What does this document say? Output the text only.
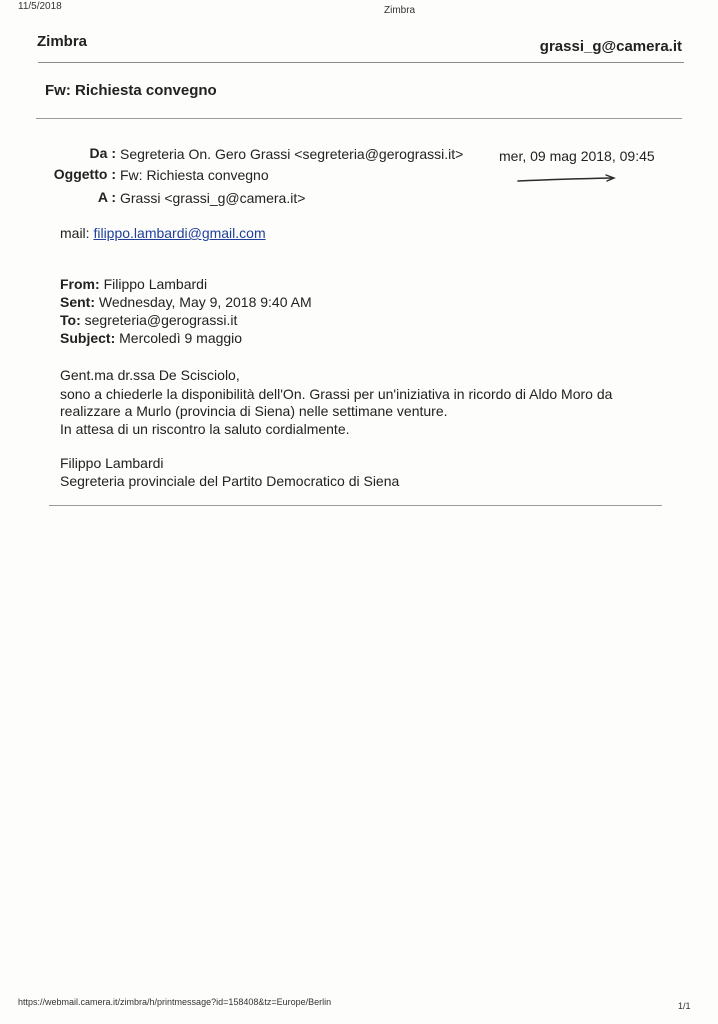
11/5/2018	Zimbra
Zimbra	grassi_g@camera.it
Fw: Richiesta convegno
Da : Segreteria On. Gero Grassi <segreteria@gerograssi.it>	mer, 09 mag 2018, 09:45
Oggetto : Fw: Richiesta convegno
A : Grassi <grassi_g@camera.it>
mail: filippo.lambardi@gmail.com
From: Filippo Lambardi
Sent: Wednesday, May 9, 2018 9:40 AM
To: segreteria@gerograssi.it
Subject: Mercoledì 9 maggio
Gent.ma dr.ssa De Scisciolo,
sono a chiederle la disponibilità dell'On. Grassi per un'iniziativa in ricordo di Aldo Moro da
realizzare a Murlo (provincia di Siena) nelle settimane venture.
In attesa di un riscontro la saluto cordialmente.
Filippo Lambardi
Segreteria provinciale del Partito Democratico di Siena
https://webmail.camera.it/zimbra/h/printmessage?id=158408&tz=Europe/Berlin	1/1
